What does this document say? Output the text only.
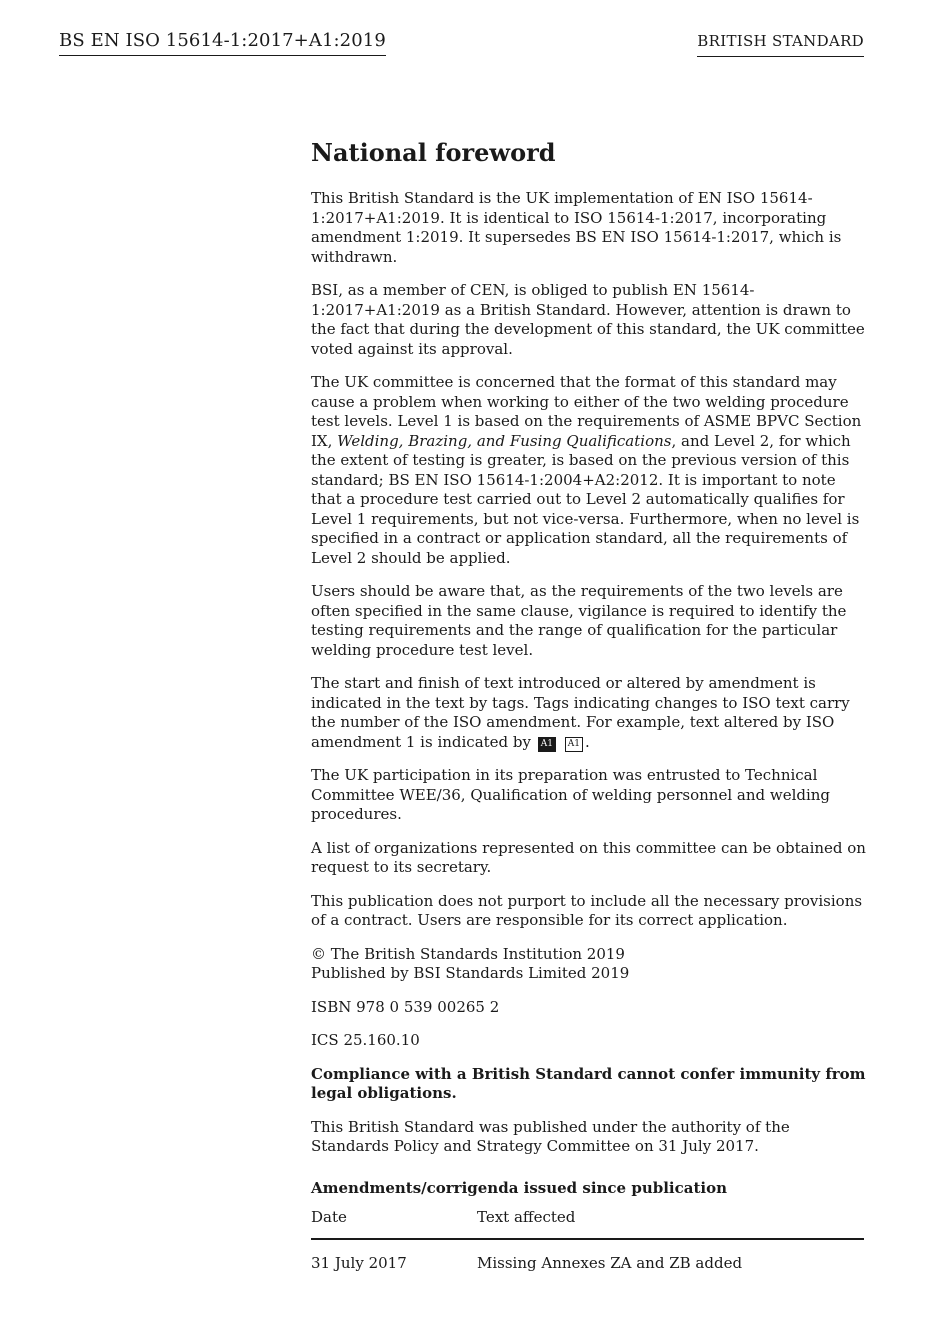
BS EN ISO 15614-1:2017+A1:2019	BRITISH STANDARD
National foreword

This British Standard is the UK implementation of EN ISO 15614-1:2017+A1:2019. It is identical to ISO 15614-1:2017, incorporating amendment 1:2019. It supersedes BS EN ISO 15614-1:2017, which is withdrawn.

BSI, as a member of CEN, is obliged to publish EN 15614-1:2017+A1:2019 as a British Standard. However, attention is drawn to the fact that during the development of this standard, the UK committee voted against its approval.

The UK committee is concerned that the format of this standard may cause a problem when working to either of the two welding procedure test levels. Level 1 is based on the requirements of ASME BPVC Section IX, Welding, Brazing, and Fusing Qualifications, and Level 2, for which the extent of testing is greater, is based on the previous version of this standard; BS EN ISO 15614-1:2004+A2:2012. It is important to note that a procedure test carried out to Level 2 automatically qualifies for Level 1 requirements, but not vice-versa. Furthermore, when no level is specified in a contract or application standard, all the requirements of Level 2 should be applied.

Users should be aware that, as the requirements of the two levels are often specified in the same clause, vigilance is required to identify the testing requirements and the range of qualification for the particular welding procedure test level.

The start and finish of text introduced or altered by amendment is indicated in the text by tags. Tags indicating changes to ISO text carry the number of the ISO amendment. For example, text altered by ISO amendment 1 is indicated by A1 A1 .

The UK participation in its preparation was entrusted to Technical Committee WEE/36, Qualification of welding personnel and welding procedures.

A list of organizations represented on this committee can be obtained on request to its secretary.

This publication does not purport to include all the necessary provisions of a contract. Users are responsible for its correct application.

© The British Standards Institution 2019
Published by BSI Standards Limited 2019

ISBN 978 0 539 00265 2

ICS 25.160.10

Compliance with a British Standard cannot confer immunity from legal obligations.

This British Standard was published under the authority of the Standards Policy and Strategy Committee on 31 July 2017.

Amendments/corrigenda issued since publication
Date	Text affected
31 July 2017	Missing Annexes ZA and ZB added
